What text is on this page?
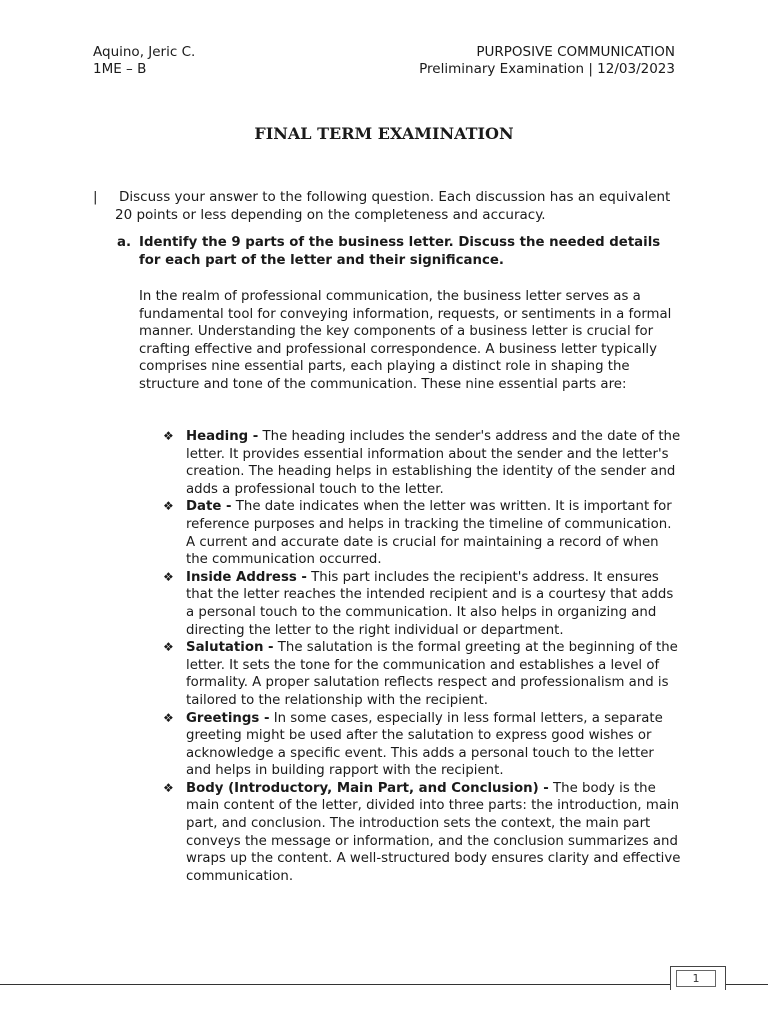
Aquino, Jeric C.
1ME – B
PURPOSIVE COMMUNICATION
Preliminary Examination | 12/03/2023
FINAL TERM EXAMINATION
| Discuss your answer to the following question. Each discussion has an equivalent 20 points or less depending on the completeness and accuracy.
a. Identify the 9 parts of the business letter. Discuss the needed details for each part of the letter and their significance.
In the realm of professional communication, the business letter serves as a fundamental tool for conveying information, requests, or sentiments in a formal manner. Understanding the key components of a business letter is crucial for crafting effective and professional correspondence. A business letter typically comprises nine essential parts, each playing a distinct role in shaping the structure and tone of the communication. These nine essential parts are:
❖ Heading - The heading includes the sender's address and the date of the letter. It provides essential information about the sender and the letter's creation. The heading helps in establishing the identity of the sender and adds a professional touch to the letter.
❖ Date - The date indicates when the letter was written. It is important for reference purposes and helps in tracking the timeline of communication. A current and accurate date is crucial for maintaining a record of when the communication occurred.
❖ Inside Address - This part includes the recipient's address. It ensures that the letter reaches the intended recipient and is a courtesy that adds a personal touch to the communication. It also helps in organizing and directing the letter to the right individual or department.
❖ Salutation - The salutation is the formal greeting at the beginning of the letter. It sets the tone for the communication and establishes a level of formality. A proper salutation reflects respect and professionalism and is tailored to the relationship with the recipient.
❖ Greetings - In some cases, especially in less formal letters, a separate greeting might be used after the salutation to express good wishes or acknowledge a specific event. This adds a personal touch to the letter and helps in building rapport with the recipient.
❖ Body (Introductory, Main Part, and Conclusion) - The body is the main content of the letter, divided into three parts: the introduction, main part, and conclusion. The introduction sets the context, the main part conveys the message or information, and the conclusion summarizes and wraps up the content. A well-structured body ensures clarity and effective communication.
1
